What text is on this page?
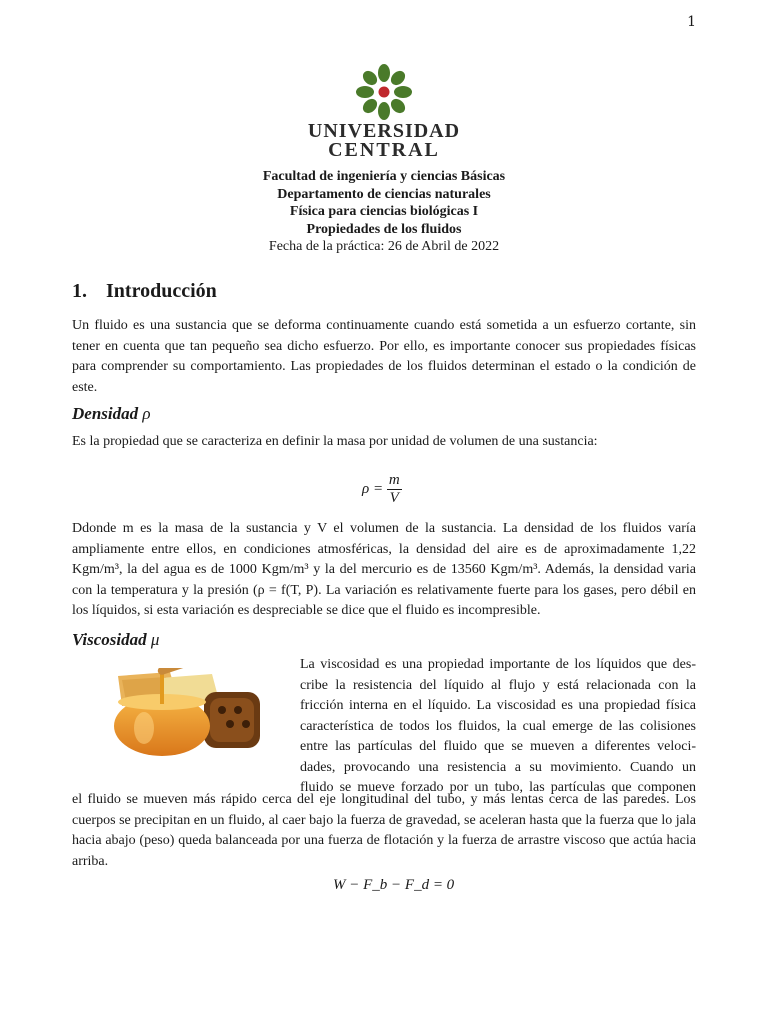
1
UNIVERSIDAD
CENTRAL
Facultad de ingeniería y ciencias Básicas
Departamento de ciencias naturales
Física para ciencias biológicas I
Propiedades de los fluidos
Fecha de la práctica: 26 de Abril de 2022
1. Introducción
Un fluido es una sustancia que se deforma continuamente cuando está sometida a un esfuerzo cortante, sin tener en cuenta que tan pequeño sea dicho esfuerzo. Por ello, es importante conocer sus propiedades físicas para comprender su comportamiento. Las propiedades de los fluidos determinan el estado o la condición de este.
Densidad ρ
Es la propiedad que se caracteriza en definir la masa por unidad de volumen de una sustancia:
$\rho = \frac{m}{V}$
Ddonde m es la masa de la sustancia y V el volumen de la sustancia. La densidad de los fluidos varía ampliamente entre ellos, en condiciones atmosféricas, la densidad del aire es de aproximadamente 1,22 Kgm/m³, la del agua es de 1000 Kgm/m³ y la del mercurio es de 13560 Kgm/m³. Además, la densidad varia con la temperatura y la presión (ρ = f(T, P). La variación es relativamente fuerte para los gases, pero débil en los líquidos, si esta variación es despreciable se dice que el fluido es incompresible.
Viscosidad μ
La viscosidad es una propiedad importante de los líquidos que des-
cribe la resistencia del líquido al flujo y está relacionada con la
fricción interna en el líquido. La viscosidad es una propiedad física
característica de todos los fluidos, la cual emerge de las colisiones
entre las partículas del fluido que se mueven a diferentes veloci-
dades, provocando una resistencia a su movimiento. Cuando un
fluido se mueve forzado por un tubo, las partículas que componen
el fluido se mueven más rápido cerca del eje longitudinal del tubo, y más lentas cerca de las paredes. Los cuerpos se precipitan en un fluido, al caer bajo la fuerza de gravedad, se aceleran hasta que la fuerza que lo jala hacia abajo (peso) queda balanceada por una fuerza de flotación y la fuerza de arrastre viscoso que actúa hacia arriba.
W − F_b − F_d = 0
